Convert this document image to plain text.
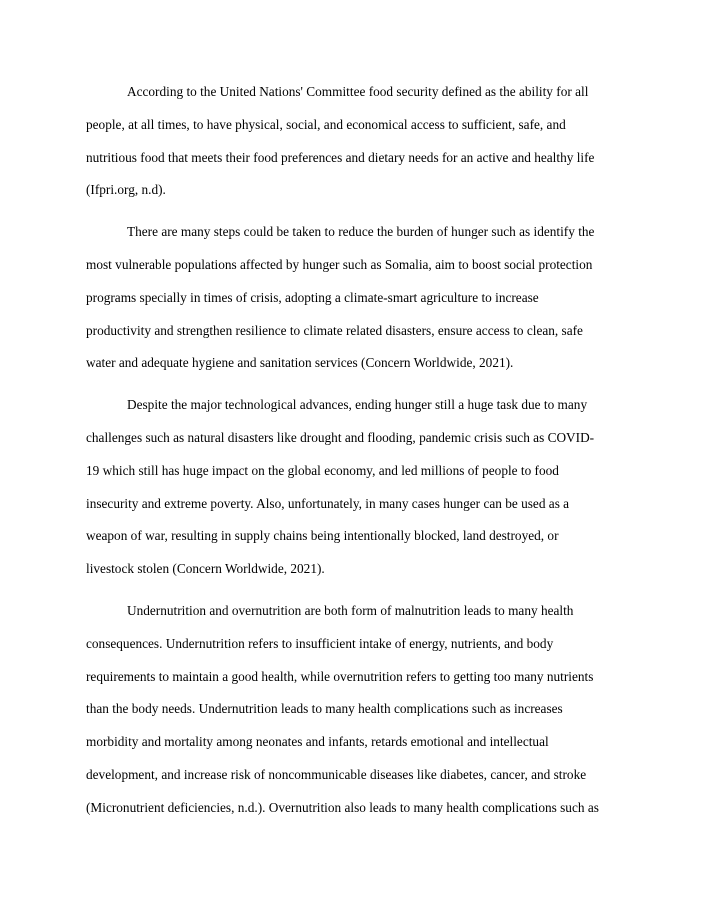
According to the United Nations' Committee food security defined as the ability for all
people, at all times, to have physical, social, and economical access to sufficient, safe, and
nutritious food that meets their food preferences and dietary needs for an active and healthy life
(Ifpri.org, n.d).
There are many steps could be taken to reduce the burden of hunger such as identify the
most vulnerable populations affected by hunger such as Somalia, aim to boost social protection
programs specially in times of crisis, adopting a climate-smart agriculture to increase
productivity and strengthen resilience to climate related disasters, ensure access to clean, safe
water and adequate hygiene and sanitation services (Concern Worldwide, 2021).
Despite the major technological advances, ending hunger still a huge task due to many
challenges such as natural disasters like drought and flooding, pandemic crisis such as COVID-
19 which still has huge impact on the global economy, and led millions of people to food
insecurity and extreme poverty. Also, unfortunately, in many cases hunger can be used as a
weapon of war, resulting in supply chains being intentionally blocked, land destroyed, or
livestock stolen (Concern Worldwide, 2021).
Undernutrition and overnutrition are both form of malnutrition leads to many health
consequences. Undernutrition refers to insufficient intake of energy, nutrients, and body
requirements to maintain a good health, while overnutrition refers to getting too many nutrients
than the body needs. Undernutrition leads to many health complications such as increases
morbidity and mortality among neonates and infants, retards emotional and intellectual
development, and increase risk of noncommunicable diseases like diabetes, cancer, and stroke
(Micronutrient deficiencies, n.d.). Overnutrition also leads to many health complications such as
